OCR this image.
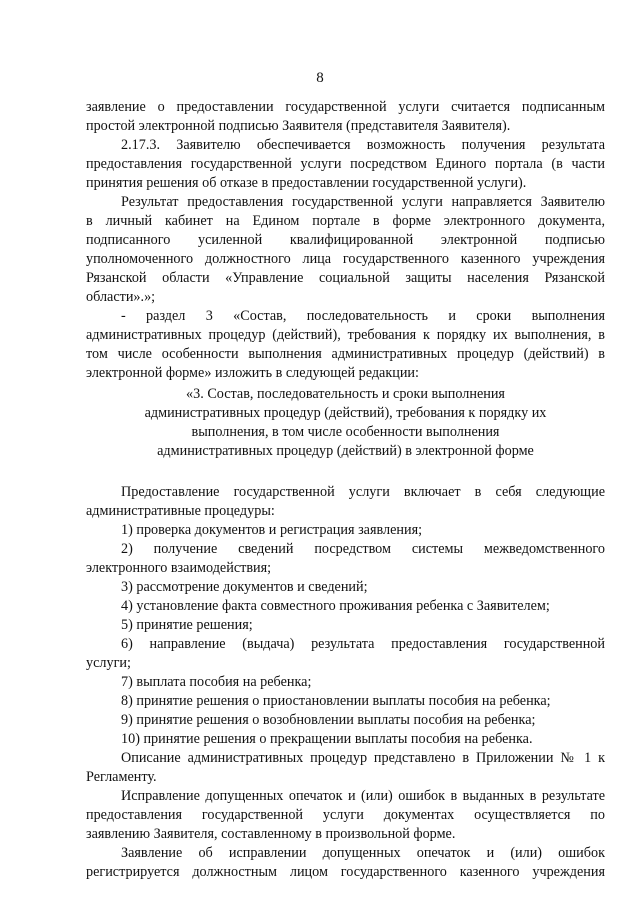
8
заявление о предоставлении государственной услуги считается подписанным
простой электронной подписью Заявителя (представителя Заявителя).
2.17.3. Заявителю обеспечивается возможность получения результата
предоставления государственной услуги посредством Единого портала (в части
принятия решения об отказе в предоставлении государственной услуги).
Результат предоставления государственной услуги направляется Заявителю
в личный кабинет на Едином портале в форме электронного документа,
подписанного усиленной квалифицированной электронной подписью
уполномоченного должностного лица государственного казенного учреждения
Рязанской области «Управление социальной защиты населения Рязанской
области».»;
- раздел 3 «Состав, последовательность и сроки выполнения
административных процедур (действий), требования к порядку их выполнения, в
том числе особенности выполнения административных процедур (действий) в
электронной форме» изложить в следующей редакции:
«3. Состав, последовательность и сроки выполнения
административных процедур (действий), требования к порядку их
выполнения, в том числе особенности выполнения
административных процедур (действий) в электронной форме
Предоставление государственной услуги включает в себя следующие
административные процедуры:
1) проверка документов и регистрация заявления;
2) получение сведений посредством системы межведомственного
электронного взаимодействия;
3) рассмотрение документов и сведений;
4) установление факта совместного проживания ребенка с Заявителем;
5) принятие решения;
6) направление (выдача) результата предоставления государственной
услуги;
7) выплата пособия на ребенка;
8) принятие решения о приостановлении выплаты пособия на ребенка;
9) принятие решения о возобновлении выплаты пособия на ребенка;
10) принятие решения о прекращении выплаты пособия на ребенка.
Описание административных процедур представлено в Приложении № 1 к
Регламенту.
Исправление допущенных опечаток и (или) ошибок в выданных в результате
предоставления государственной услуги документах осуществляется по
заявлению Заявителя, составленному в произвольной форме.
Заявление об исправлении допущенных опечаток и (или) ошибок
регистрируется должностным лицом государственного казенного учреждения
